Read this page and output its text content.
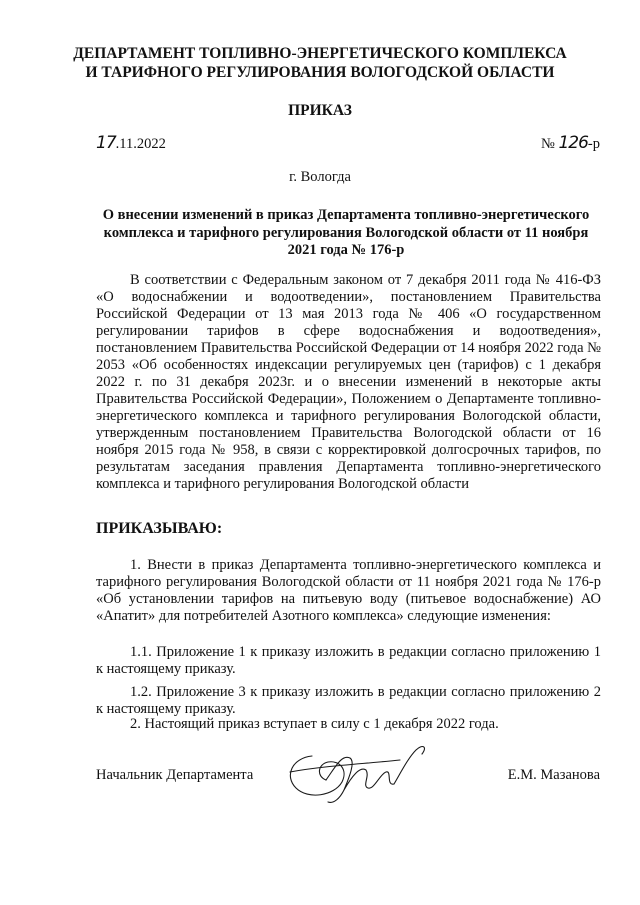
ДЕПАРТАМЕНТ ТОПЛИВНО-ЭНЕРГЕТИЧЕСКОГО КОМПЛЕКСА
И ТАРИФНОГО РЕГУЛИРОВАНИЯ ВОЛОГОДСКОЙ ОБЛАСТИ
ПРИКАЗ
17.11.2022	№ 126-р
г. Вологда
О внесении изменений в приказ Департамента топливно-энергетического комплекса и тарифного регулирования Вологодской области от 11 ноября 2021 года № 176-р
В соответствии с Федеральным законом от 7 декабря 2011 года № 416-ФЗ «О водоснабжении и водоотведении», постановлением Правительства Российской Федерации от 13 мая 2013 года № 406 «О государственном регулировании тарифов в сфере водоснабжения и водоотведения», постановлением Правительства Российской Федерации от 14 ноября 2022 года № 2053 «Об особенностях индексации регулируемых цен (тарифов) с 1 декабря 2022 г. по 31 декабря 2023г. и о внесении изменений в некоторые акты Правительства Российской Федерации», Положением о Департаменте топливно-энергетического комплекса и тарифного регулирования Вологодской области, утвержденным постановлением Правительства Вологодской области от 16 ноября 2015 года № 958, в связи с корректировкой долгосрочных тарифов, по результатам заседания правления Департамента топливно-энергетического комплекса и тарифного регулирования Вологодской области
ПРИКАЗЫВАЮ:
1. Внести в приказ Департамента топливно-энергетического комплекса и тарифного регулирования Вологодской области от 11 ноября 2021 года № 176-р «Об установлении тарифов на питьевую воду (питьевое водоснабжение) АО «Апатит» для потребителей Азотного комплекса» следующие изменения:
1.1. Приложение 1 к приказу изложить в редакции согласно приложению 1 к настоящему приказу.
1.2. Приложение 3 к приказу изложить в редакции согласно приложению 2 к настоящему приказу.
2. Настоящий приказ вступает в силу с 1 декабря 2022 года.
Начальник Департамента	Е.М. Мазанова
